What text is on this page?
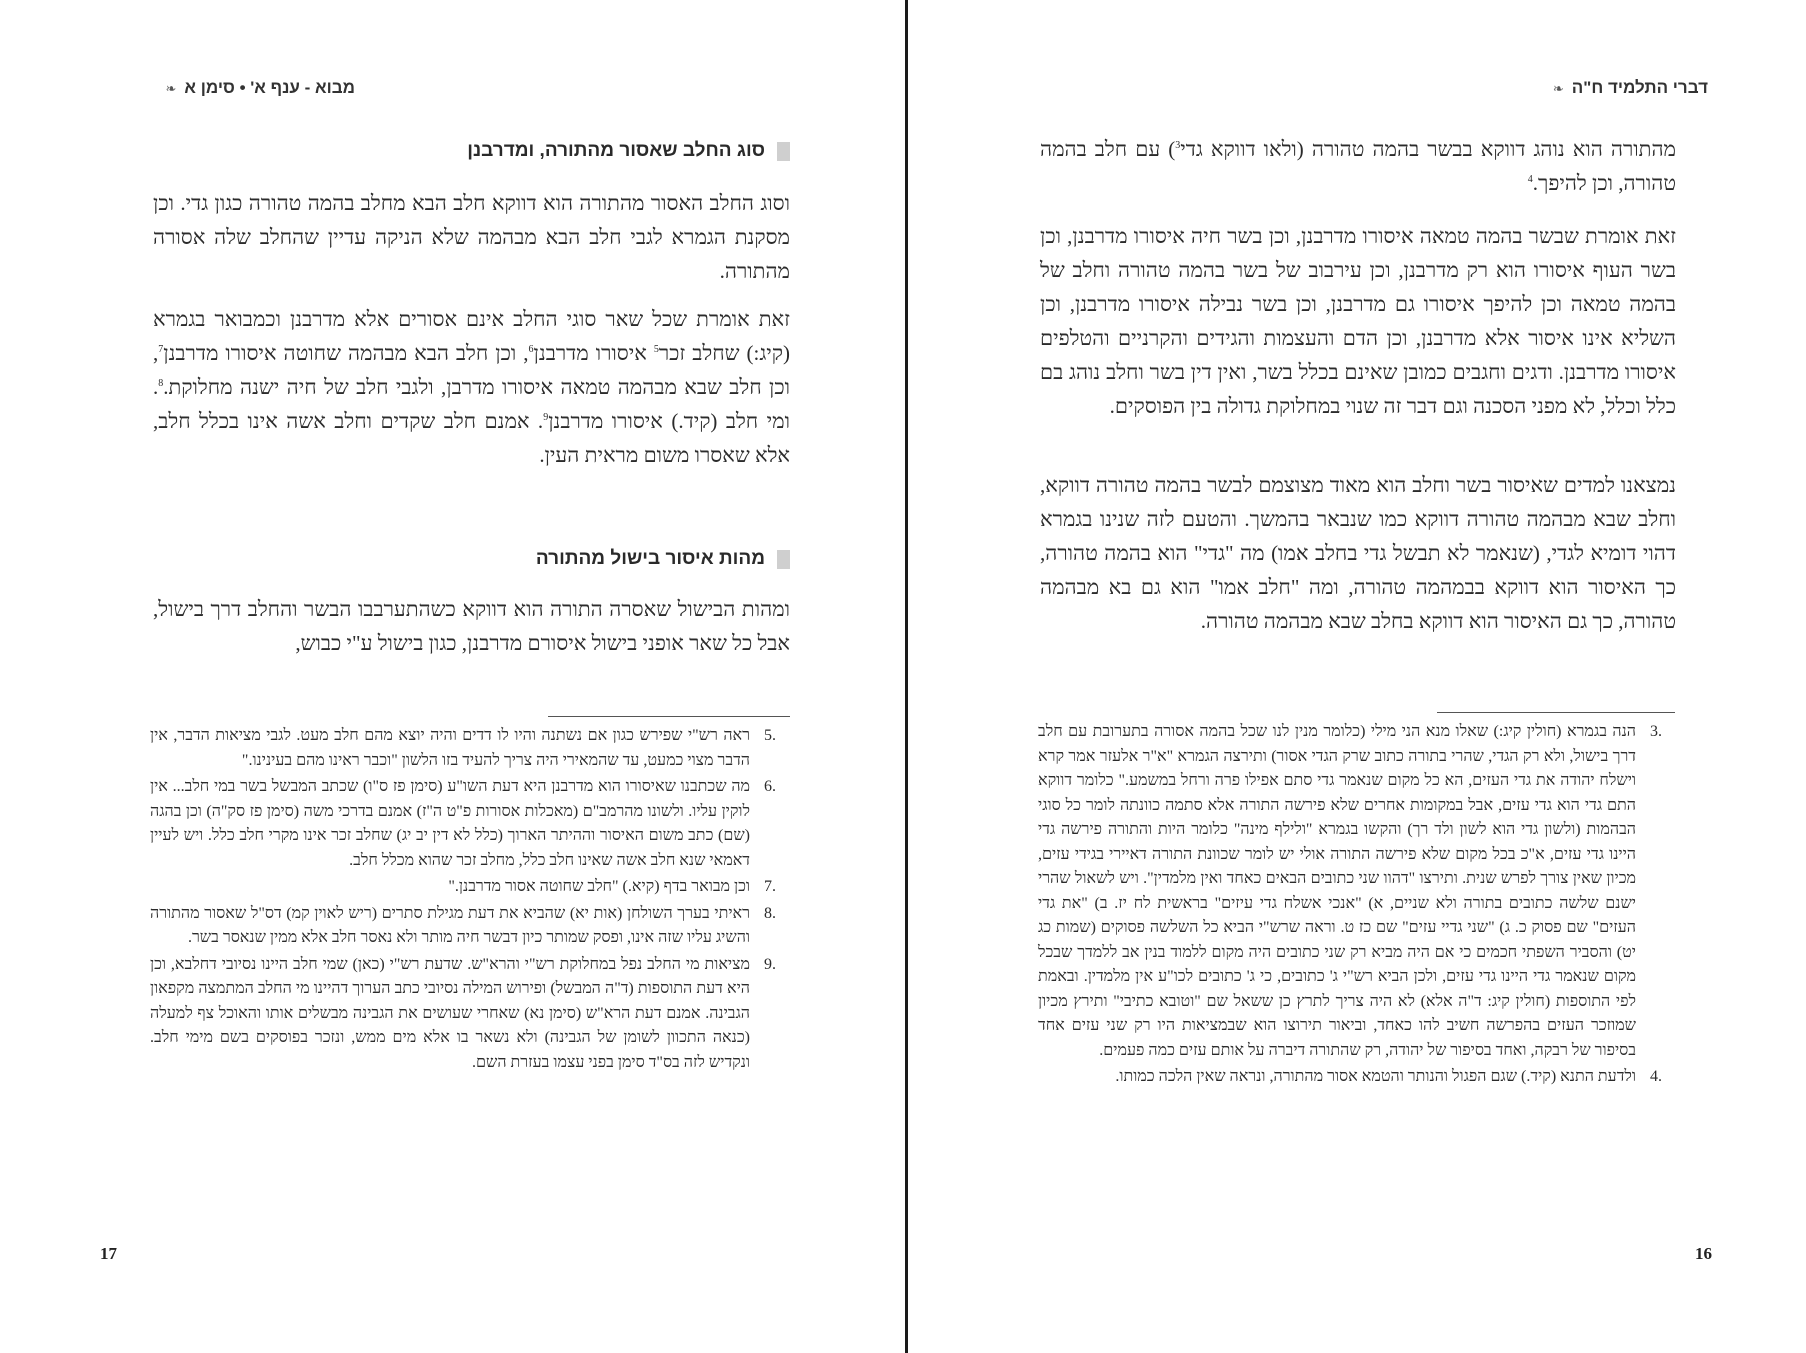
מבוא - ענף א' • סימן א❧
סוג החלב שאסור מהתורה, ומדרבנן

וסוג החלב האסור מהתורה הוא דווקא חלב הבא מחלב בהמה טהורה כגון גדי. וכן מסקנת הגמרא לגבי חלב הבא מבהמה שלא הניקה עדיין שהחלב שלה אסורה מהתורה.

זאת אומרת שכל שאר סוגי החלב אינם אסורים אלא מדרבנן וכמבואר בגמרא (קיג:) שחלב זכר$^5$ איסורו מדרבנן$^6$, וכן חלב הבא מבהמה שחוטה איסורו מדרבנן$^7$, וכן חלב שבא מבהמה טמאה איסורו מדרבן, ולגבי חלב של חיה ישנה מחלוקת.$^8$. ומי חלב (קיד.) איסורו מדרבנן$^9$. אמנם חלב שקדים וחלב אשה אינו בכלל חלב, אלא שאסרו משום מראית העין.

מהות איסור בישול מהתורה

ומהות הבישול שאסרה התורה הוא דווקא כשהתערבבו הבשר והחלב דרך בישול, אבל כל שאר אופני בישול איסורם מדרבנן, כגון בישול ע"י כבוש,

.5
ראה רש"י שפירש כגון אם נשתנה והיו לו דדים והיה יוצא מהם חלב מעט. לגבי מציאות הדבר, אין הדבר מצוי כמעט, עד שהמאירי היה צריך להעיד בזו הלשון "וכבר ראינו מהם בעינינו."
.6
מה שכתבנו שאיסורו הוא מדרבנן היא דעת השו"ע (סימן פז ס"ו) שכתב המבשל בשר במי חלב... אין לוקין עליו. ולשונו מהרמב"ם (מאכלות אסורות פ"ט ה"ז) אמנם בדרכי משה (סימן פז סק"ה) וכן בהגה (שם) כתב משום האיסור וההיתר הארוך (כלל לא דין יב יג) שחלב זכר אינו מקרי חלב כלל. ויש לעיין דאמאי שנא חלב אשה שאינו חלב כלל, מחלב זכר שהוא מכלל חלב.
.7
וכן מבואר בדף (קיא.) "חלב שחוטה אסור מדרבנן."
.8
ראיתי בערך השולחן (אות יא) שהביא את דעת מגילת סתרים (ריש לאוין קמ) דס"ל שאסור מהתורה והשיג עליו שזה אינו, ופסק שמותר כיון דבשר חיה מותר ולא נאסר חלב אלא ממין שנאסר בשר.
.9
מציאות מי החלב נפל במחלוקת רש"י והרא"ש. שדעת רש"י (כאן) שמי חלב היינו נסיובי דחלבא, וכן היא דעת התוספות (ד"ה המבשל) ופירוש המילה נסיובי כתב הערוך דהיינו מי החלב המתמצה מקפאון הגבינה. אמנם דעת הרא"ש (סימן נא) שאחרי שעושים את הגבינה מבשלים אותו והאוכל צף למעלה (כנאה התכוון לשומן של הגבינה) ולא נשאר בו אלא מים ממש, ונזכר בפוסקים בשם מימי חלב. ונקדיש לזה בס"ד סימן בפני עצמו בעזרת השם.
17
דברי התלמיד ח"ה❧

מהתורה הוא נוהג דווקא בבשר בהמה טהורה (ולאו דווקא גדי$^3$) עם חלב בהמה טהורה, וכן להיפך.$^4$

זאת אומרת שבשר בהמה טמאה איסורו מדרבנן, וכן בשר חיה איסורו מדרבנן, וכן בשר העוף איסורו הוא רק מדרבנן, וכן עירבוב של בשר בהמה טהורה וחלב של בהמה טמאה וכן להיפך איסורו גם מדרבנן, וכן בשר נבילה איסורו מדרבנן, וכן השליא אינו איסור אלא מדרבנן, וכן הדם והעצמות והגידים והקרניים והטלפים איסורו מדרבנן. ודגים וחגבים כמובן שאינם בכלל בשר, ואין דין בשר וחלב נוהג בם כלל וכלל, לא מפני הסכנה וגם דבר זה שנוי במחלוקת גדולה בין הפוסקים.

נמצאנו למדים שאיסור בשר וחלב הוא מאוד מצוצמם לבשר בהמה טהורה דווקא, וחלב שבא מבהמה טהורה דווקא כמו שנבאר בהמשך. והטעם לזה שנינו בגמרא דהוי דומיא לגדי, (שנאמר לא תבשל גדי בחלב אמו) מה "גדי" הוא בהמה טהורה, כך האיסור הוא דווקא בבמהמה טהורה, ומה "חלב אמו" הוא גם בא מבהמה טהורה, כך גם האיסור הוא דווקא בחלב שבא מבהמה טהורה.

.3
הנה בגמרא (חולין קיג:) שאלו מנא הני מילי (כלומר מנין לנו שכל בהמה אסורה בתערובת עם חלב דרך בישול, ולא רק הגדי, שהרי בתורה כתוב שרק הגדי אסור) ותירצה הגמרא "א"ר אלעזר אמר קרא וישלח יהודה את גדי העזים, הא כל מקום שנאמר גדי סתם אפילו פרה ורחל במשמע." כלומר דווקא התם גדי הוא גדי עזים, אבל במקומות אחרים שלא פירשה התורה אלא סתמה כוונתה לומר כל סוגי הבהמות (ולשון גדי הוא לשון ולד רך) והקשו בגמרא "ולילף מינה" כלומר היות והתורה פירשה גדי היינו גדי עזים, א"כ בכל מקום שלא פירשה התורה אולי יש לומר שכוונת התורה דאיירי בגידי עזים, מכיון שאין צורך לפרש שנית. ותירצו "דהוו שני כתובים הבאים כאחד ואין מלמדין". ויש לשאול שהרי ישנם שלשה כתובים בתורה ולא שניים, א) "אנכי אשלח גדי עיזים" בראשית לח יז. ב) "את גדי העזים" שם פסוק כ. ג) "שני גדיי עזים" שם כז ט. וראה שרש"י הביא כל השלשה פסוקים (שמות כג יט) והסביר השפתי חכמים כי אם היה מביא רק שני כתובים היה מקום ללמוד בנין אב ללמדך שבכל מקום שנאמר גדי היינו גדי עזים, ולכן הביא רש"י ג' כתובים, כי ג' כתובים לכו"ע אין מלמדין. ובאמת לפי התוספות (חולין קיג: ד"ה אלא) לא היה צריך לתרץ כן ששאל שם "וטובא כתיבי" ותירץ מכיון שמוזכר העזים בהפרשה חשיב להו כאחד, וביאור תירוצו הוא שבמציאות היו רק שני עזים אחד בסיפור של רבקה, ואחד בסיפור של יהודה, רק שהתורה דיברה על אותם עזים כמה פעמים.
.4
ולדעת התנא (קיד.) שגם הפגול והנותר והטמא אסור מהתורה, ונראה שאין הלכה כמותו.
16
